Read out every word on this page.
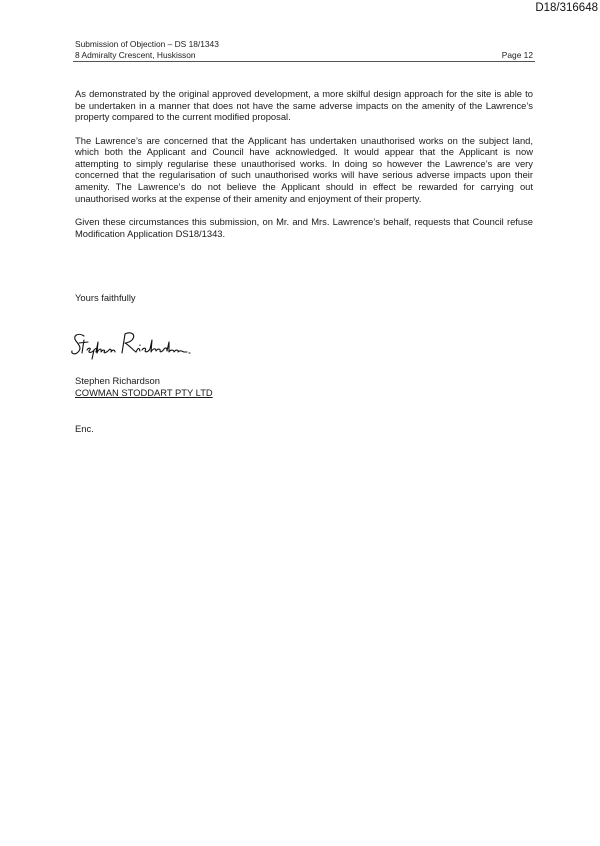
D18/316648
Submission of Objection – DS 18/1343
8 Admiralty Crescent, Huskisson	Page 12

As demonstrated by the original approved development, a more skilful design approach for the site is able to be undertaken in a manner that does not have the same adverse impacts on the amenity of the Lawrence’s property compared to the current modified proposal.

The Lawrence’s are concerned that the Applicant has undertaken unauthorised works on the subject land, which both the Applicant and Council have acknowledged. It would appear that the Applicant is now attempting to simply regularise these unauthorised works. In doing so however the Lawrence’s are very concerned that the regularisation of such unauthorised works will have serious adverse impacts upon their amenity. The Lawrence’s do not believe the Applicant should in effect be rewarded for carrying out unauthorised works at the expense of their amenity and enjoyment of their property.

Given these circumstances this submission, on Mr. and Mrs. Lawrence’s behalf, requests that Council refuse Modification Application DS18/1343.

Yours faithfully
Stephen Richardson
COWMAN STODDART PTY LTD
Enc.
